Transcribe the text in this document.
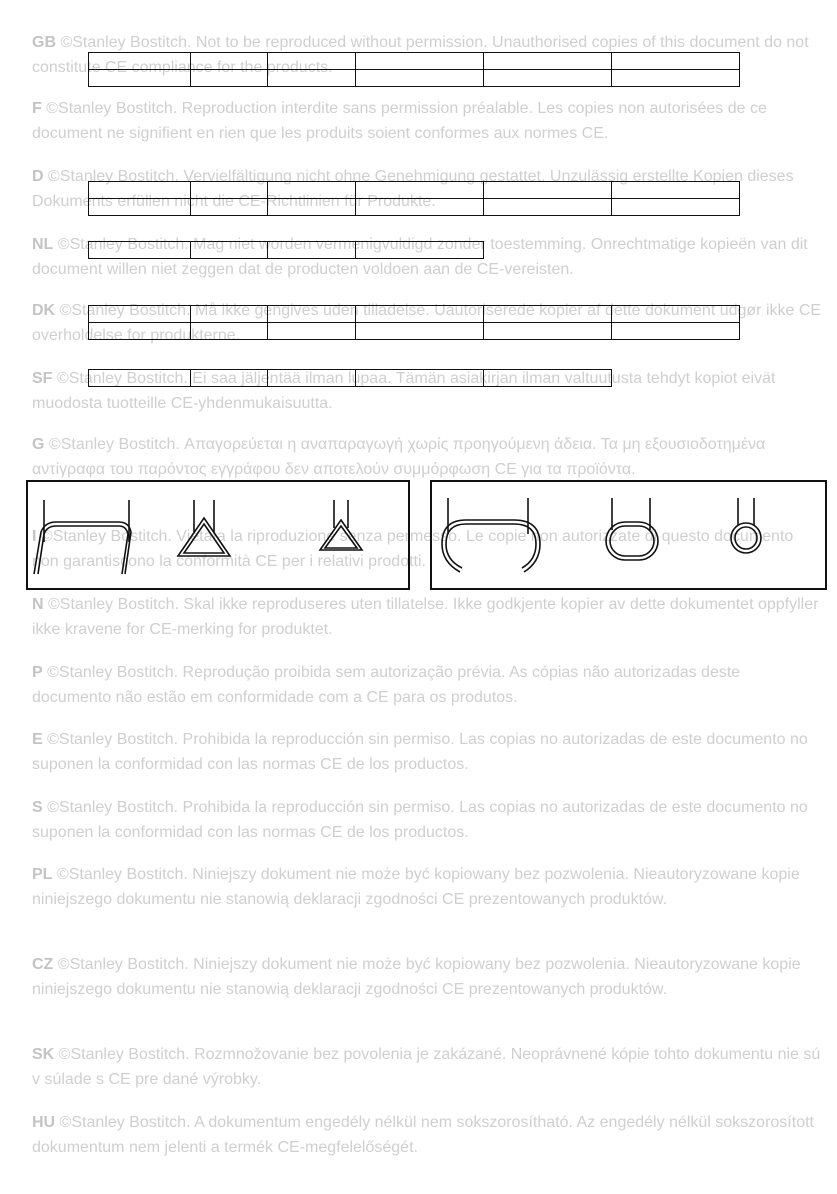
GB ©Stanley Bostitch. Not to be reproduced without permission. Unauthorised copies of this document do not constitute CE compliance for the products.
F ©Stanley Bostitch. Reproduction interdite sans permission préalable. Les copies non autorisées de ce document ne signifient en rien que les produits soient conformes aux normes CE.
D ©Stanley Bostitch. Vervielfältigung nicht ohne Genehmigung gestattet. Unzulässig erstellte Kopien dieses Dokuments erfüllen nicht die CE-Richtlinien für Produkte.
NL ©Stanley Bostitch. Mag niet worden vermenigvuldigd zonder toestemming. Onrechtmatige kopieën van dit document willen niet zeggen dat de producten voldoen aan de CE-vereisten.
DK ©Stanley Bostitch. Må ikke gengives uden tilladelse. Uautoriserede kopier af dette dokument udgør ikke CE overholdelse for produkterne.
SF ©Stanley Bostitch. Ei saa jäljentää ilman lupaa. Tämän asiakirjan ilman valtuutusta tehdyt kopiot eivät muodosta tuotteille CE-yhdenmukaisuutta.
G ©Stanley Bostitch. Απαγορεύεται η αναπαραγωγή χωρίς προηγούμενη άδεια. Τα μη εξουσιοδοτημένα αντίγραφα του παρόντος εγγράφου δεν αποτελούν συμμόρφωση CE για τα προϊόντα.
I ©Stanley Bostitch. Vietata la riproduzione senza permesso. Le copie non autorizzate di questo documento non garantiscono la conformità CE per i relativi prodotti.
N ©Stanley Bostitch. Skal ikke reproduseres uten tillatelse. Ikke godkjente kopier av dette dokumentet oppfyller ikke kravene for CE-merking for produktet.
P ©Stanley Bostitch. Reprodução proibida sem autorização prévia. As cópias não autorizadas deste documento não estão em conformidade com a CE para os produtos.
E ©Stanley Bostitch. Prohibida la reproducción sin permiso. Las copias no autorizadas de este documento no suponen la conformidad con las normas CE de los productos.
S ©Stanley Bostitch. Prohibida la reproducción sin permiso. Las copias no autorizadas de este documento no suponen la conformidad con las normas CE de los productos.
PL ©Stanley Bostitch. Niniejszy dokument nie może być kopiowany bez pozwolenia. Nieautoryzowane kopie niniejszego dokumentu nie stanowią deklaracji zgodności CE prezentowanych produktów.
CZ ©Stanley Bostitch. Niniejszy dokument nie może być kopiowany bez pozwolenia. Nieautoryzowane kopie niniejszego dokumentu nie stanowią deklaracji zgodności CE prezentowanych produktów.
SK ©Stanley Bostitch. Rozmnožovanie bez povolenia je zakázané. Neoprávnené kópie tohto dokumentu nie sú v súlade s CE pre dané výrobky.
HU ©Stanley Bostitch. A dokumentum engedély nélkül nem sokszorosítható. Az engedély nélkül sokszorosított dokumentum nem jelenti a termék CE-megfelelőségét.
